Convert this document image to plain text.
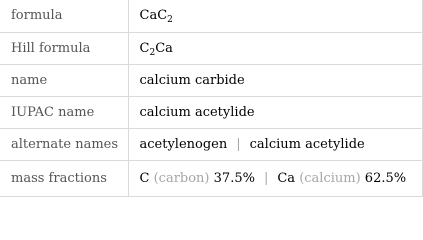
formula	CaC$_2$
Hill formula	$C_2Ca$
name	calcium carbide
IUPAC name	calcium acetylide
alternate names	acetylenogen | calcium acetylide
mass fractions	C (carbon) 37.5% | Ca (calcium) 62.5%
